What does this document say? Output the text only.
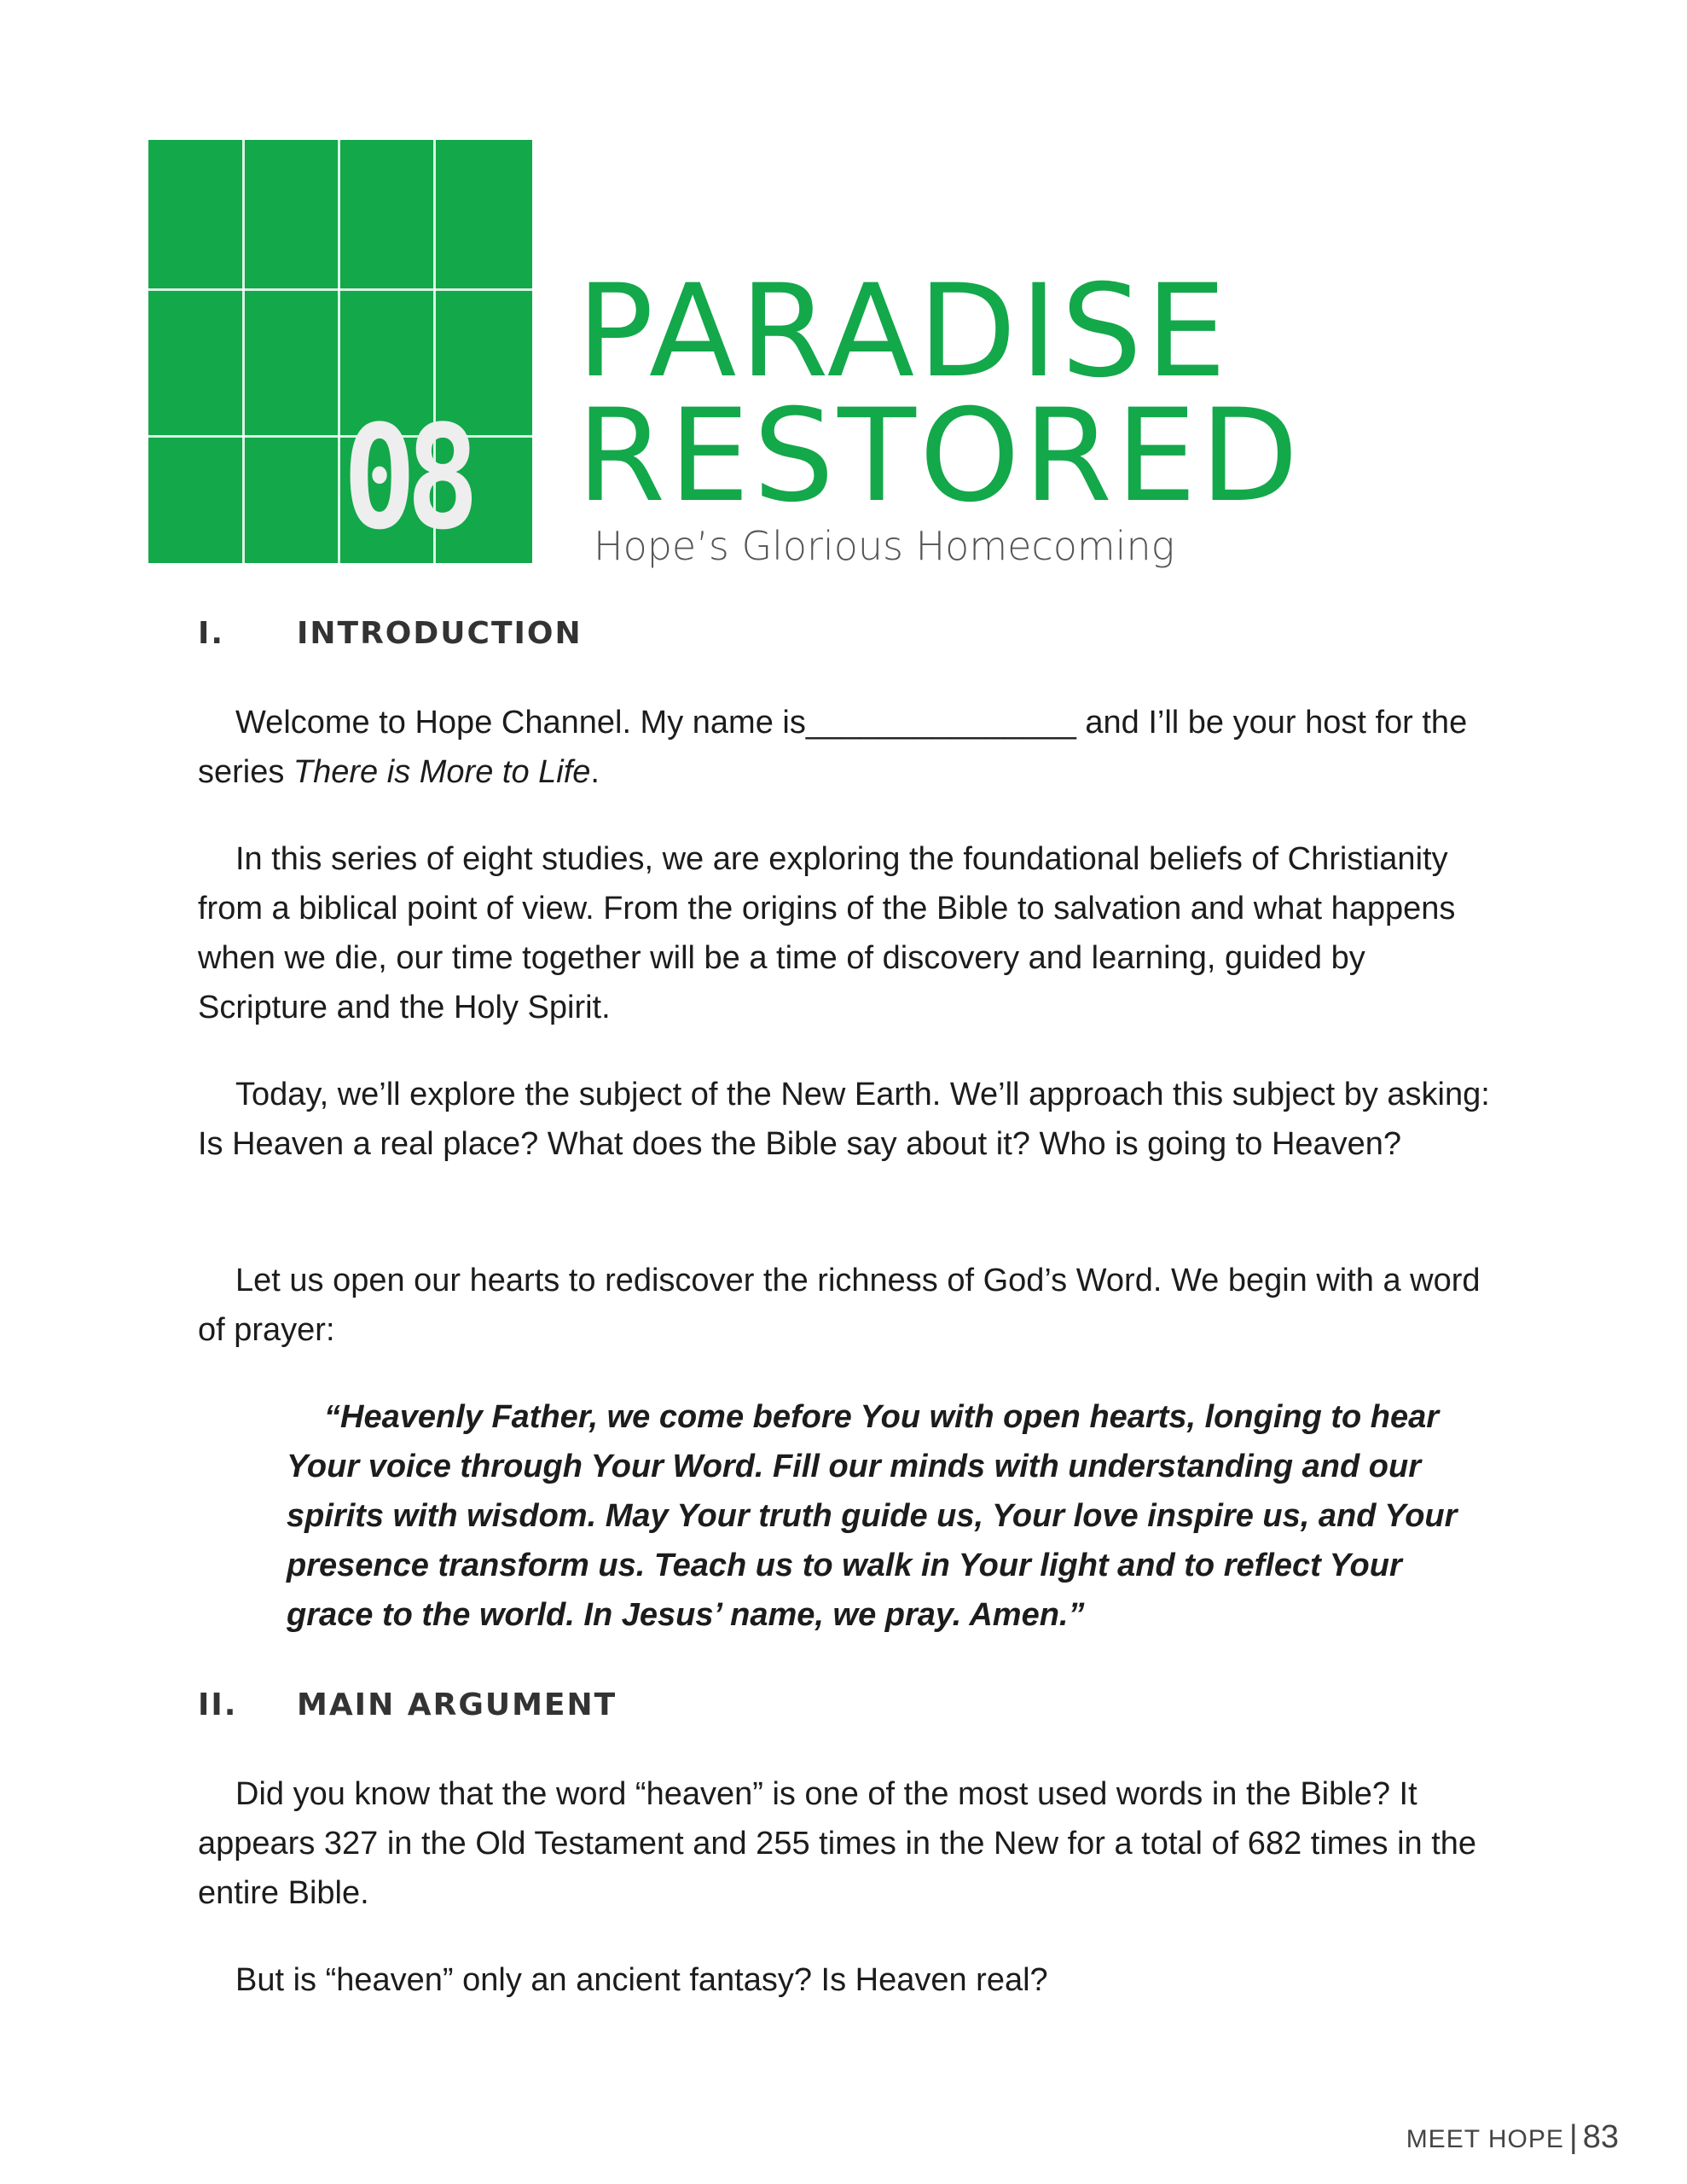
08
PARADISE
RESTORED
Hope’s Glorious Homecoming
I. INTRODUCTION

Welcome to Hope Channel. My name is_______________ and I’ll be your host for the series There is More to Life.

In this series of eight studies, we are exploring the foundational beliefs of Christianity from a biblical point of view. From the origins of the Bible to salvation and what happens when we die, our time together will be a time of discovery and learning, guided by Scripture and the Holy Spirit.

Today, we’ll explore the subject of the New Earth. We’ll approach this subject by asking: Is Heaven a real place? What does the Bible say about it? Who is going to Heaven?

Let us open our hearts to rediscover the richness of God’s Word. We begin with a word of prayer:

“Heavenly Father, we come before You with open hearts, longing to hear Your voice through Your Word. Fill our minds with understanding and our spirits with wisdom. May Your truth guide us, Your love inspire us, and Your presence transform us. Teach us to walk in Your light and to reflect Your grace to the world. In Jesus’ name, we pray. Amen.”

II. MAIN ARGUMENT

Did you know that the word “heaven” is one of the most used words in the Bible? It appears 327 in the Old Testament and 255 times in the New for a total of 682 times in the entire Bible.

But is “heaven” only an ancient fantasy? Is Heaven real?

MEET HOPE | 83
